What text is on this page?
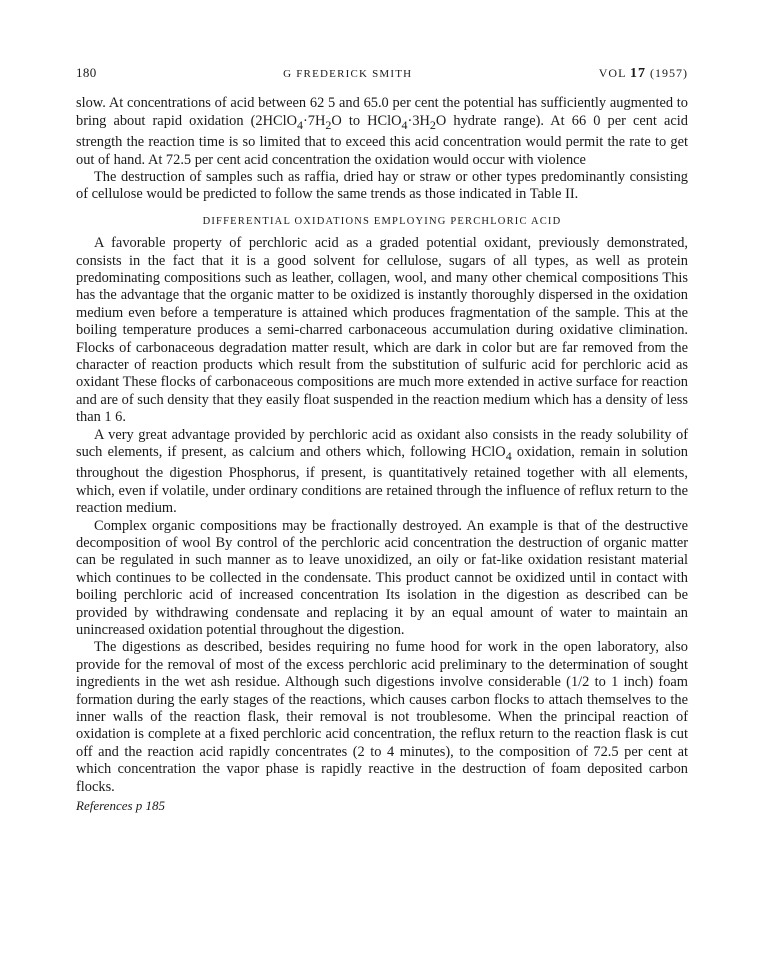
180	G FREDERICK SMITH	VOL 17 (1957)

slow. At concentrations of acid between 62 5 and 65.0 per cent the potential has sufficiently augmented to bring about rapid oxidation ($2HClO_4\cdot 7H_2O$ to $HClO_4\cdot 3H_2O$ hydrate range). At 66 0 per cent acid strength the reaction time is so limited that to exceed this acid concentration would permit the rate to get out of hand. At 72.5 per cent acid concentration the oxidation would occur with violence

The destruction of samples such as raffia, dried hay or straw or other types predominantly consisting of cellulose would be predicted to follow the same trends as those indicated in Table II.

DIFFERENTIAL OXIDATIONS EMPLOYING PERCHLORIC ACID

A favorable property of perchloric acid as a graded potential oxidant, previously demonstrated, consists in the fact that it is a good solvent for cellulose, sugars of all types, as well as protein predominating compositions such as leather, collagen, wool, and many other chemical compositions This has the advantage that the organic matter to be oxidized is instantly thoroughly dispersed in the oxidation medium even before a temperature is attained which produces fragmentation of the sample. This at the boiling temperature produces a semi-charred carbonaceous accumulation during oxidative climination. Flocks of carbonaceous degradation matter result, which are dark in color but are far removed from the character of reaction products which result from the substitution of sulfuric acid for perchloric acid as oxidant These flocks of carbonaceous compositions are much more extended in active surface for reaction and are of such density that they easily float suspended in the reaction medium which has a density of less than 1 6.

A very great advantage provided by perchloric acid as oxidant also consists in the ready solubility of such elements, if present, as calcium and others which, following HClO$_4$ oxidation, remain in solution throughout the digestion Phosphorus, if present, is quantitatively retained together with all elements, which, even if volatile, under ordinary conditions are retained through the influence of reflux return to the reaction medium.

Complex organic compositions may be fractionally destroyed. An example is that of the destructive decomposition of wool By control of the perchloric acid concentration the destruction of organic matter can be regulated in such manner as to leave unoxidized, an oily or fat-like oxidation resistant material which continues to be collected in the condensate. This product cannot be oxidized until in contact with boiling perchloric acid of increased concentration Its isolation in the digestion as described can be provided by withdrawing condensate and replacing it by an equal amount of water to maintain an unincreased oxidation potential throughout the digestion.

The digestions as described, besides requiring no fume hood for work in the open laboratory, also provide for the removal of most of the excess perchloric acid preliminary to the determination of sought ingredients in the wet ash residue. Although such digestions involve considerable (1/2 to 1 inch) foam formation during the early stages of the reactions, which causes carbon flocks to attach themselves to the inner walls of the reaction flask, their removal is not troublesome. When the principal reaction of oxidation is complete at a fixed perchloric acid concentration, the reflux return to the reaction flask is cut off and the reaction acid rapidly concentrates (2 to 4 minutes), to the composition of 72.5 per cent at which concentration the vapor phase is rapidly reactive in the destruction of foam deposited carbon flocks.

References p 185
